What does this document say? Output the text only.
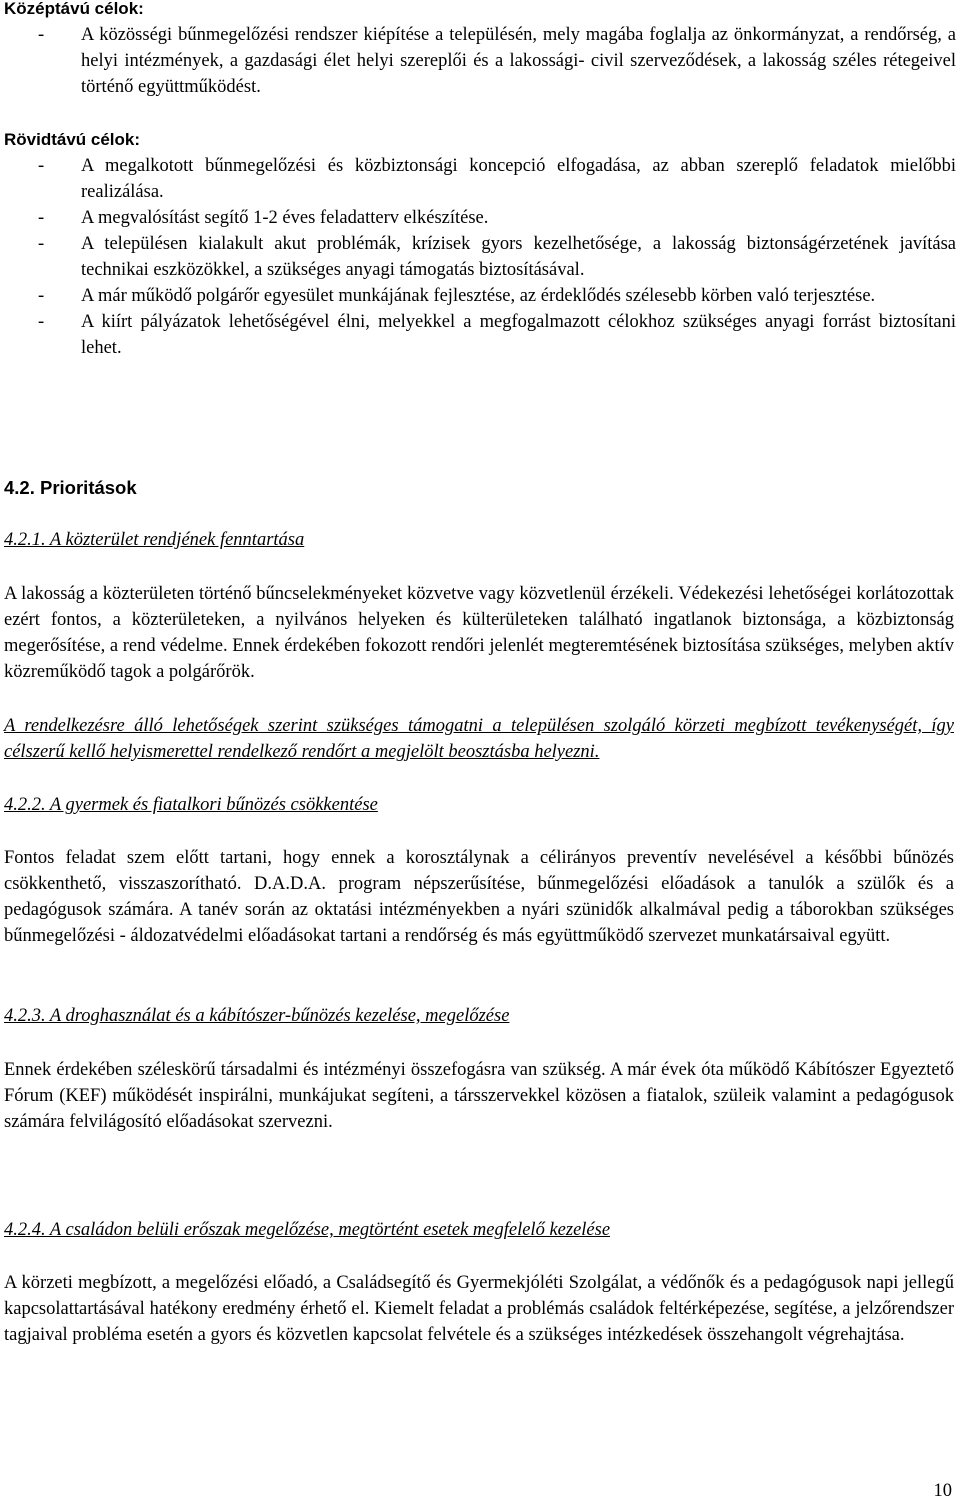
Középtávú célok:
- A közösségi bűnmegelőzési rendszer kiépítése a településén, mely magába foglalja az önkormányzat, a rendőrség, a helyi intézmények, a gazdasági élet helyi szereplői és a lakossági- civil szerveződések, a lakosság széles rétegeivel történő együttműködést.
Rövidtávú célok:
- A megalkotott bűnmegelőzési és közbiztonsági koncepció elfogadása, az abban szereplő feladatok mielőbbi realizálása.
- A megvalósítást segítő 1-2 éves feladatterv elkészítése.
- A településen kialakult akut problémák, krízisek gyors kezelhetősége, a lakosság biztonságérzetének javítása technikai eszközökkel, a szükséges anyagi támogatás biztosításával.
- A már működő polgárőr egyesület munkájának fejlesztése, az érdeklődés szélesebb körben való terjesztése.
- A kiírt pályázatok lehetőségével élni, melyekkel a megfogalmazott célokhoz szükséges anyagi forrást biztosítani lehet.
4.2. Prioritások
4.2.1. A közterület rendjének fenntartása
A lakosság a közterületen történő bűncselekményeket közvetve vagy közvetlenül érzékeli. Védekezési lehetőségei korlátozottak ezért fontos, a közterületeken, a nyilvános helyeken és külterületeken található ingatlanok biztonsága, a közbiztonság megerősítése, a rend védelme. Ennek érdekében fokozott rendőri jelenlét megteremtésének biztosítása szükséges, melyben aktív közreműködő tagok a polgárőrök.
A rendelkezésre álló lehetőségek szerint szükséges támogatni a településen szolgáló körzeti megbízott tevékenységét, így célszerű kellő helyismerettel rendelkező rendőrt a megjelölt beosztásba helyezni.
4.2.2. A gyermek és fiatalkori bűnözés csökkentése
Fontos feladat szem előtt tartani, hogy ennek a korosztálynak a célirányos preventív nevelésével a későbbi bűnözés csökkenthető, visszaszorítható. D.A.D.A. program népszerűsítése, bűnmegelőzési előadások a tanulók a szülők és a pedagógusok számára. A tanév során az oktatási intézményekben a nyári szünidők alkalmával pedig a táborokban szükséges bűnmegelőzési - áldozatvédelmi előadásokat tartani a rendőrség és más együttműködő szervezet munkatársaival együtt.
4.2.3. A droghasználat és a kábítószer-bűnözés kezelése, megelőzése
Ennek érdekében széleskörű társadalmi és intézményi összefogásra van szükség. A már évek óta működő Kábítószer Egyeztető Fórum (KEF) működését inspirálni, munkájukat segíteni, a társszervekkel közösen a fiatalok, szüleik valamint a pedagógusok számára felvilágosító előadásokat szervezni.
4.2.4. A családon belüli erőszak megelőzése, megtörtént esetek megfelelő kezelése
A körzeti megbízott, a megelőzési előadó, a Családsegítő és Gyermekjóléti Szolgálat, a védőnők és a pedagógusok napi jellegű kapcsolattartásával hatékony eredmény érhető el. Kiemelt feladat a problémás családok feltérképezése, segítése, a jelzőrendszer tagjaival probléma esetén a gyors és közvetlen kapcsolat felvétele és a szükséges intézkedések összehangolt végrehajtása.
10
